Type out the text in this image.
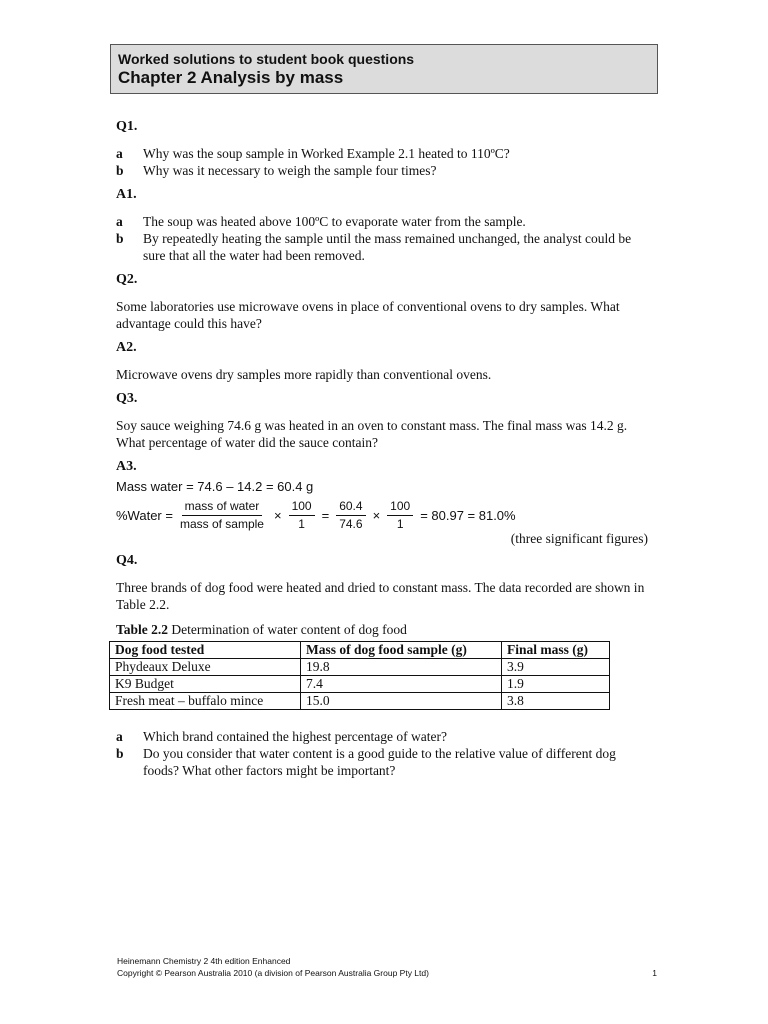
Worked solutions to student book questions
Chapter 2 Analysis by mass

Q1.

a	Why was the soup sample in Worked Example 2.1 heated to 110ºC?
b	Why was it necessary to weigh the sample four times?

A1.

a	The soup was heated above 100ºC to evaporate water from the sample.
b	By repeatedly heating the sample until the mass remained unchanged, the analyst could be sure that all the water had been removed.

Q2.

Some laboratories use microwave ovens in place of conventional ovens to dry samples. What advantage could this have?

A2.

Microwave ovens dry samples more rapidly than conventional ovens.

Q3.

Soy sauce weighing 74.6 g was heated in an oven to constant mass. The final mass was 14.2 g. What percentage of water did the sauce contain?

A3.

Mass water = 74.6 – 14.2 = 60.4 g

%Water = $\frac{\text{mass of water}}{\text{mass of sample}} \times \frac{100}{1} = \frac{60.4}{74.6} \times \frac{100}{1} = 80.97 = 81.0\%$

(three significant figures)

Q4.

Three brands of dog food were heated and dried to constant mass. The data recorded are shown in Table 2.2.

Table 2.2 Determination of water content of dog food

Dog food tested	Mass of dog food sample (g)	Final mass (g)
Phydeaux Deluxe	19.8	3.9
K9 Budget	7.4	1.9
Fresh meat – buffalo mince	15.0	3.8
a	Which brand contained the highest percentage of water?
b	Do you consider that water content is a good guide to the relative value of different dog foods? What other factors might be important?
Heinemann Chemistry 2 4th edition Enhanced
Copyright © Pearson Australia 2010 (a division of Pearson Australia Group Pty Ltd)	1
